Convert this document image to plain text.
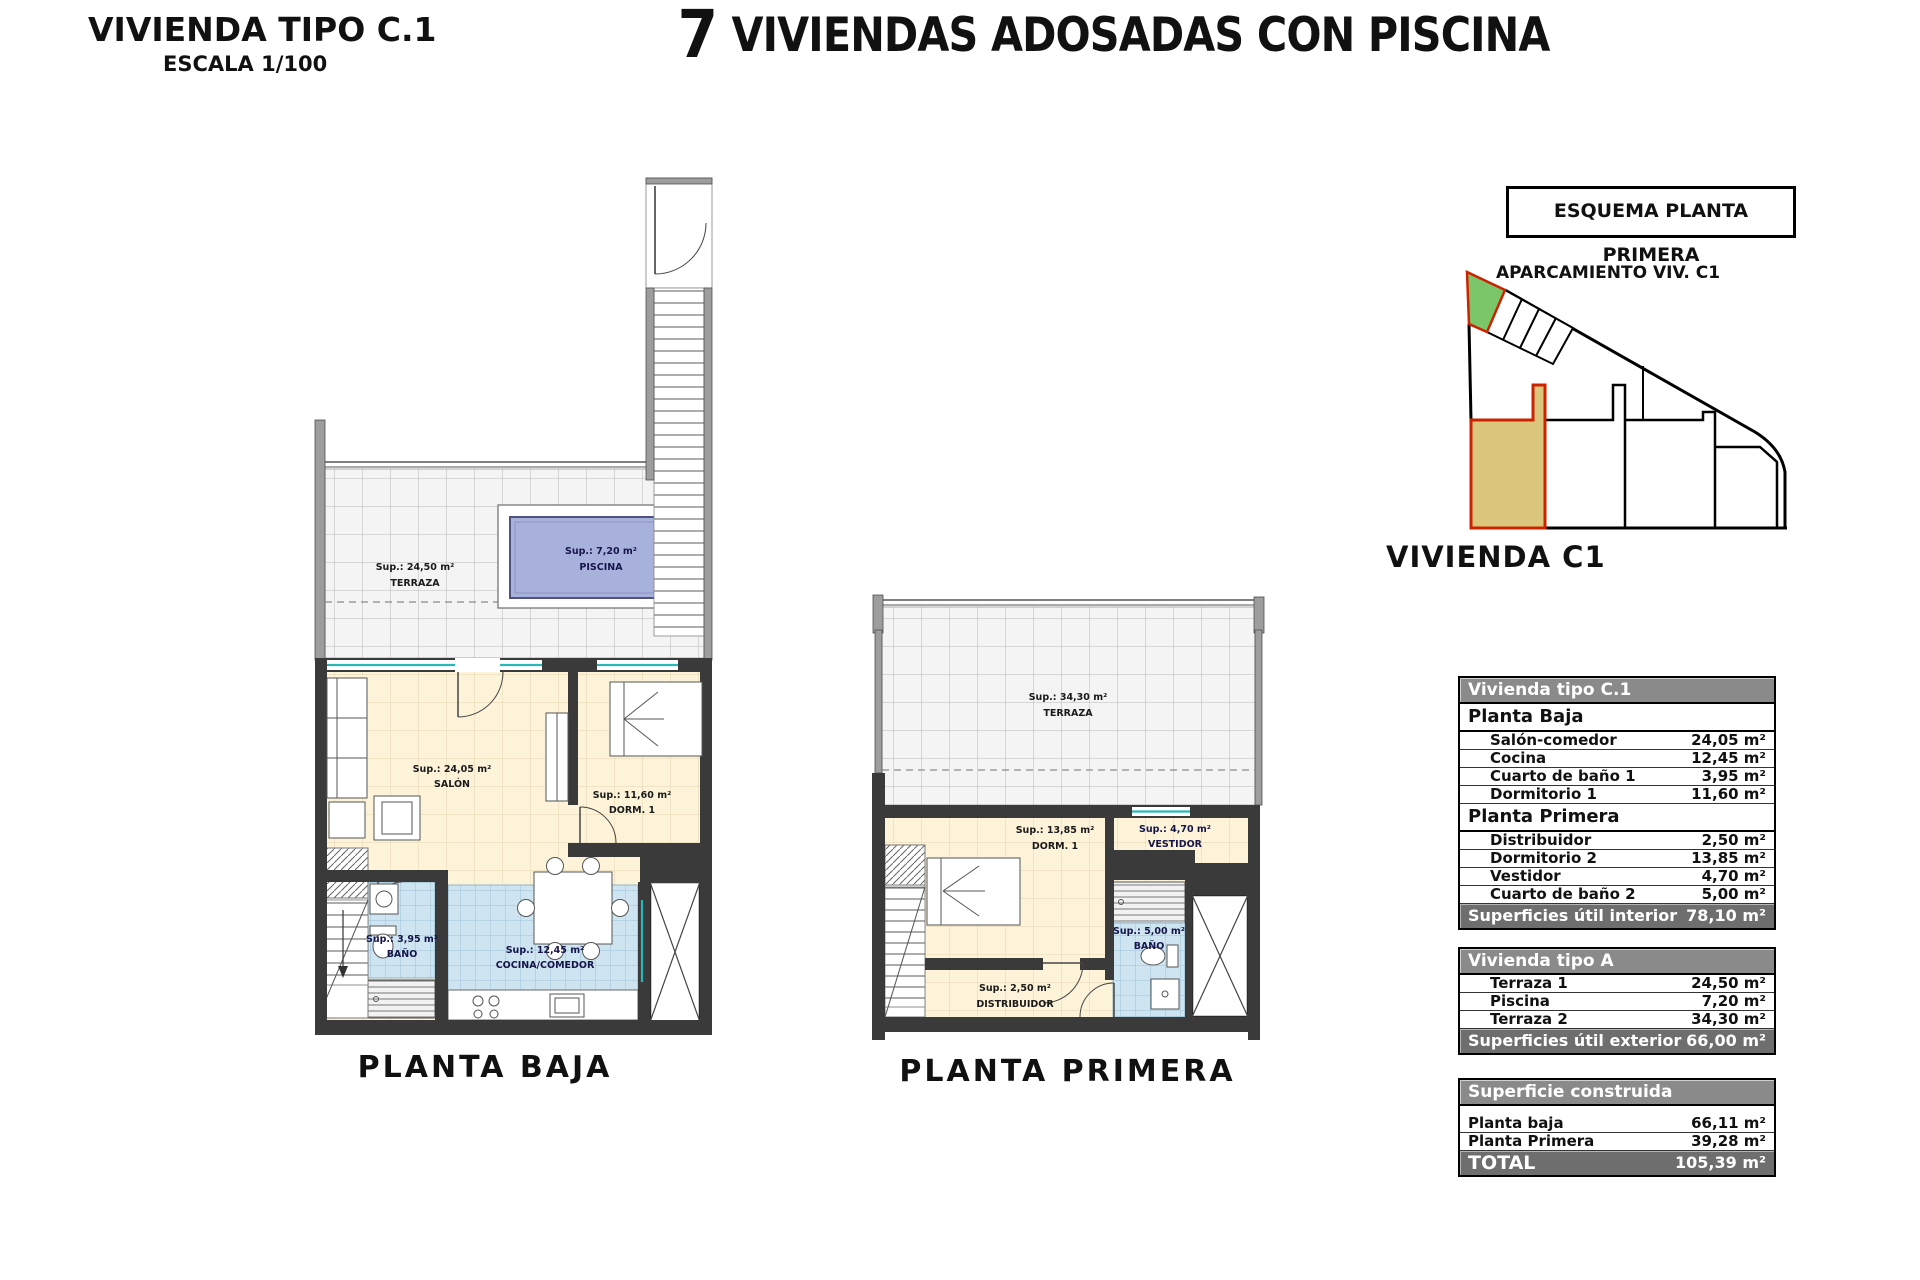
VIVIENDA TIPO C.1
ESCALA 1/100	7 VIVIENDAS ADOSADAS CON PISCINA
ESQUEMA PLANTA PRIMERA
APARCAMIENTO VIV. C1
VIVIENDA C1
Sup.: 7,20 m²
PISCINA
Sup.: 24,50 m²
TERRAZA
Sup.: 24,05 m²
SALÓN
Sup.: 11,60 m²
DORM. 1
Sup.: 3,95 m²
BAÑO	Sup.: 12,45 m²
COCINA/COMEDOR
PLANTA BAJA
Sup.: 34,30 m²
TERRAZA
Sup.: 13,85 m²
DORM. 1
Sup.: 4,70 m²
VESTIDOR
Sup.: 5,00 m²
BAÑO
Sup.: 2,50 m²
DISTRIBUIDOR
PLANTA PRIMERA
Vivienda tipo C.1
Planta Baja
Salón-comedor	24,05 m²
Cocina	12,45 m²
Cuarto de baño 1	3,95 m²
Dormitorio 1	11,60 m²
Planta Primera
Distribuidor	2,50 m²
Dormitorio 2	13,85 m²
Vestidor	4,70 m²
Cuarto de baño 2	5,00 m²
Superficies útil interior 78,10 m²
Vivienda tipo A
Terraza 1	24,50 m²
Piscina	7,20 m²
Terraza 2	34,30 m²
Superficies útil exterior 66,00 m²
Superficie construida
Planta baja	66,11 m²
Planta Primera	39,28 m²
TOTAL	105,39 m²
